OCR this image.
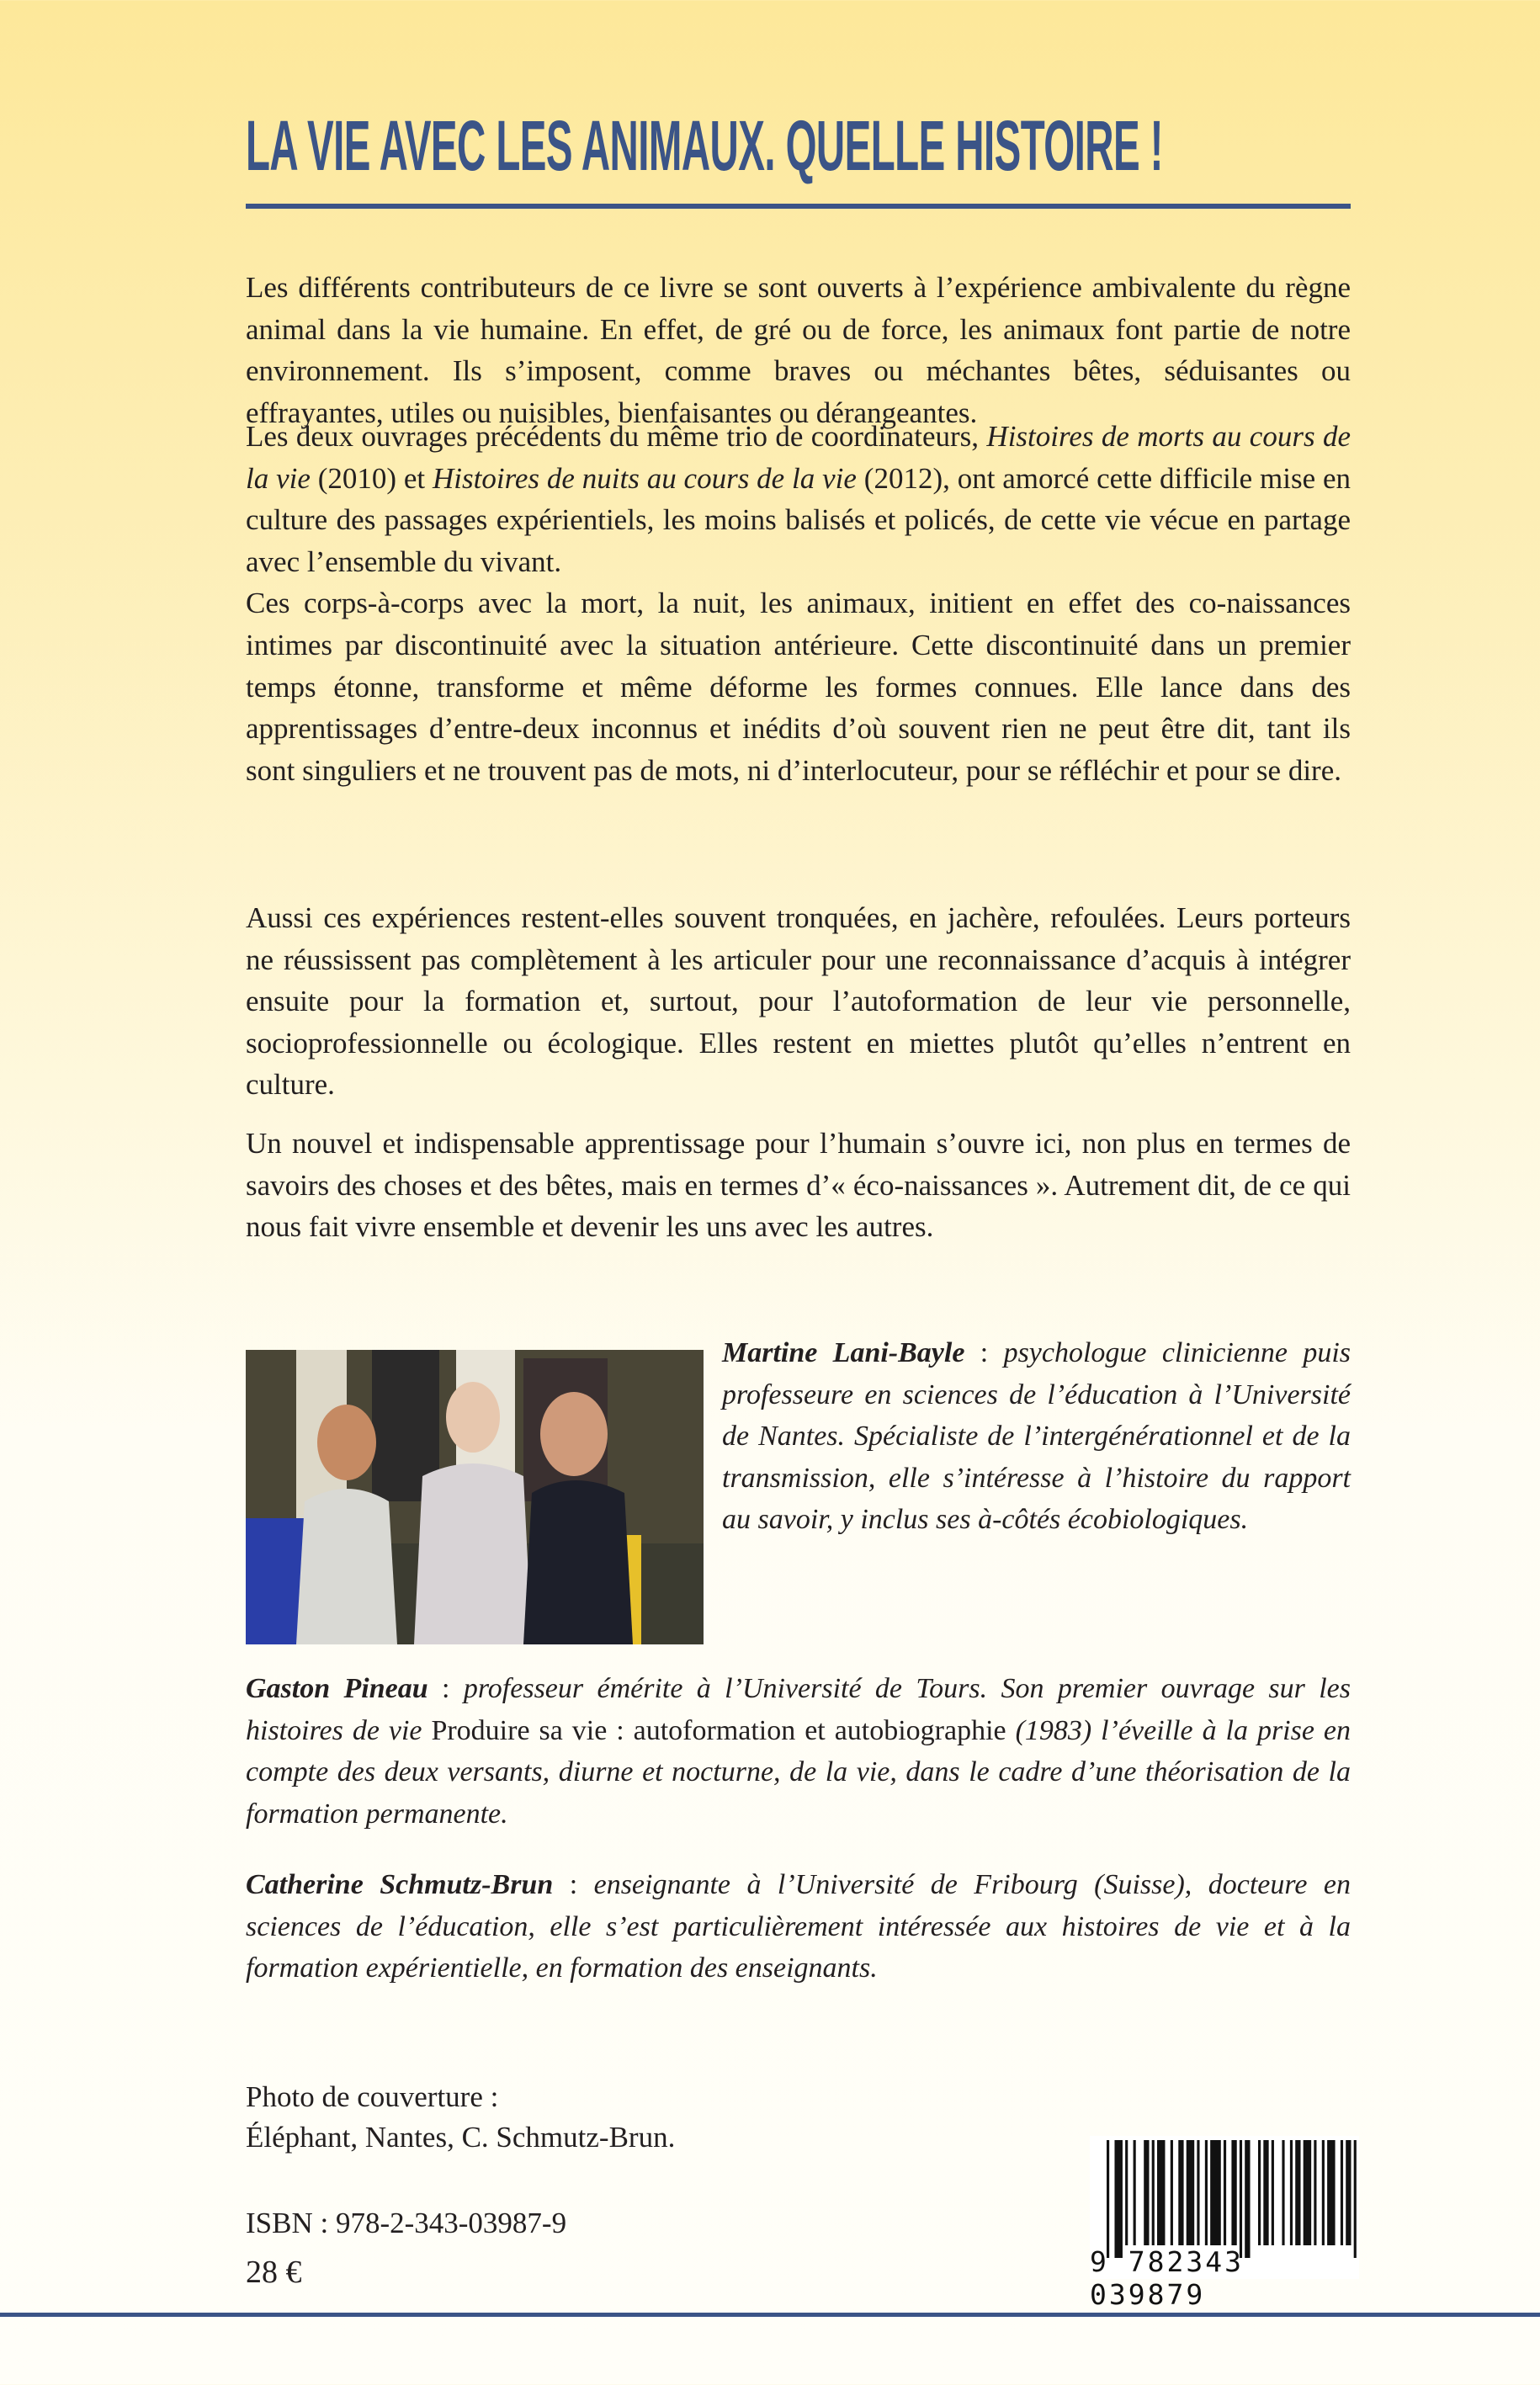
LA VIE AVEC LES ANIMAUX. QUELLE HISTOIRE !

Les différents contributeurs de ce livre se sont ouverts à l’expérience ambivalente du règne animal dans la vie humaine. En effet, de gré ou de force, les animaux font partie de notre environnement. Ils s’imposent, comme braves ou méchantes bêtes, séduisantes ou effrayantes, utiles ou nuisibles, bienfaisantes ou dérangeantes.

Les deux ouvrages précédents du même trio de coordinateurs, Histoires de morts au cours de la vie (2010) et Histoires de nuits au cours de la vie (2012), ont amorcé cette difficile mise en culture des passages expérientiels, les moins balisés et policés, de cette vie vécue en partage avec l’ensemble du vivant.

Ces corps-à-corps avec la mort, la nuit, les animaux, initient en effet des co-naissances intimes par discontinuité avec la situation antérieure. Cette discontinuité dans un premier temps étonne, transforme et même déforme les formes connues. Elle lance dans des apprentissages d’entre-deux inconnus et inédits d’où souvent rien ne peut être dit, tant ils sont singuliers et ne trouvent pas de mots, ni d’interlocuteur, pour se réfléchir et pour se dire.

Aussi ces expériences restent-elles souvent tronquées, en jachère, refoulées. Leurs porteurs ne réussissent pas complètement à les articuler pour une reconnaissance d’acquis à intégrer ensuite pour la formation et, surtout, pour l’autoformation de leur vie personnelle, socioprofessionnelle ou écologique. Elles restent en miettes plutôt qu’elles n’entrent en culture.

Un nouvel et indispensable apprentissage pour l’humain s’ouvre ici, non plus en termes de savoirs des choses et des bêtes, mais en termes d’« éco-naissances ». Autrement dit, de ce qui nous fait vivre ensemble et devenir les uns avec les autres.

Martine Lani-Bayle : psychologue clinicienne puis professeure en sciences de l’éducation à l’Université de Nantes. Spécialiste de l’intergénérationnel et de la transmission, elle s’intéresse à l’histoire du rapport au savoir, y inclus ses à-côtés écobiologiques.
Gaston Pineau : professeur émérite à l’Université de Tours. Son premier ouvrage sur les histoires de vie Produire sa vie : autoformation et autobiographie (1983) l’éveille à la prise en compte des deux versants, diurne et nocturne, de la vie, dans le cadre d’une théorisation de la formation permanente.
Catherine Schmutz-Brun : enseignante à l’Université de Fribourg (Suisse), docteure en sciences de l’éducation, elle s’est particulièrement intéressée aux histoires de vie et à la formation expérientielle, en formation des enseignants.
Photo de couverture :
Éléphant, Nantes, C. Schmutz-Brun.
ISBN : 978-2-343-03987-9
28 €	9 782343 039879
